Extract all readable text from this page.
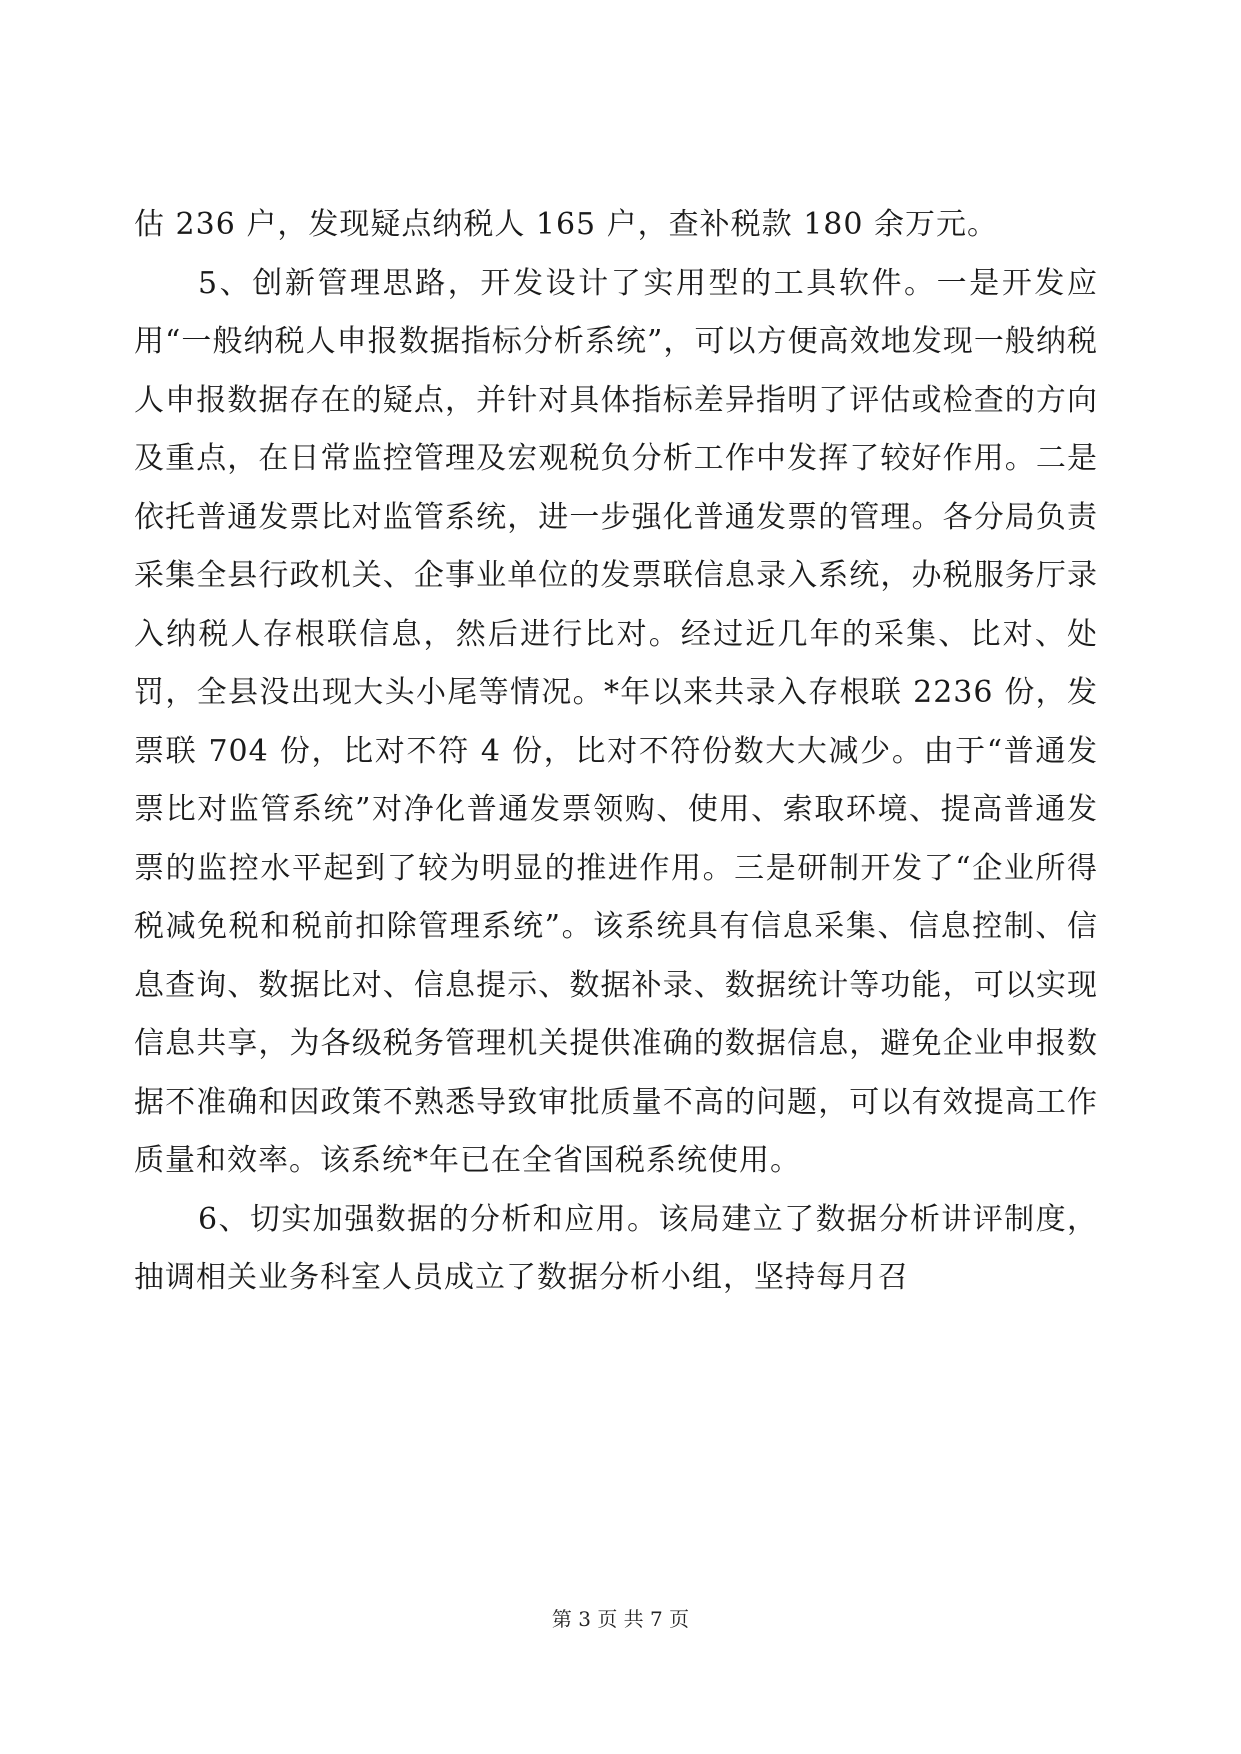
估 236 户，发现疑点纳税人 165 户，查补税款 180 余万元。

5、创新管理思路，开发设计了实用型的工具软件。一是开发应用“一般纳税人申报数据指标分析系统”，可以方便高效地发现一般纳税人申报数据存在的疑点，并针对具体指标差异指明了评估或检查的方向及重点，在日常监控管理及宏观税负分析工作中发挥了较好作用。二是依托普通发票比对监管系统，进一步强化普通发票的管理。各分局负责采集全县行政机关、企事业单位的发票联信息录入系统，办税服务厅录入纳税人存根联信息，然后进行比对。经过近几年的采集、比对、处罚，全县没出现大头小尾等情况。*年以来共录入存根联 2236 份，发票联 704 份，比对不符 4 份，比对不符份数大大减少。由于“普通发票比对监管系统”对净化普通发票领购、使用、索取环境、提高普通发票的监控水平起到了较为明显的推进作用。三是研制开发了“企业所得税减免税和税前扣除管理系统”。该系统具有信息采集、信息控制、信息查询、数据比对、信息提示、数据补录、数据统计等功能，可以实现信息共享，为各级税务管理机关提供准确的数据信息，避免企业申报数据不准确和因政策不熟悉导致审批质量不高的问题，可以有效提高工作质量和效率。该系统*年已在全省国税系统使用。

6、切实加强数据的分析和应用。该局建立了数据分析讲评制度，抽调相关业务科室人员成立了数据分析小组，坚持每月召

第 3 页 共 7 页
